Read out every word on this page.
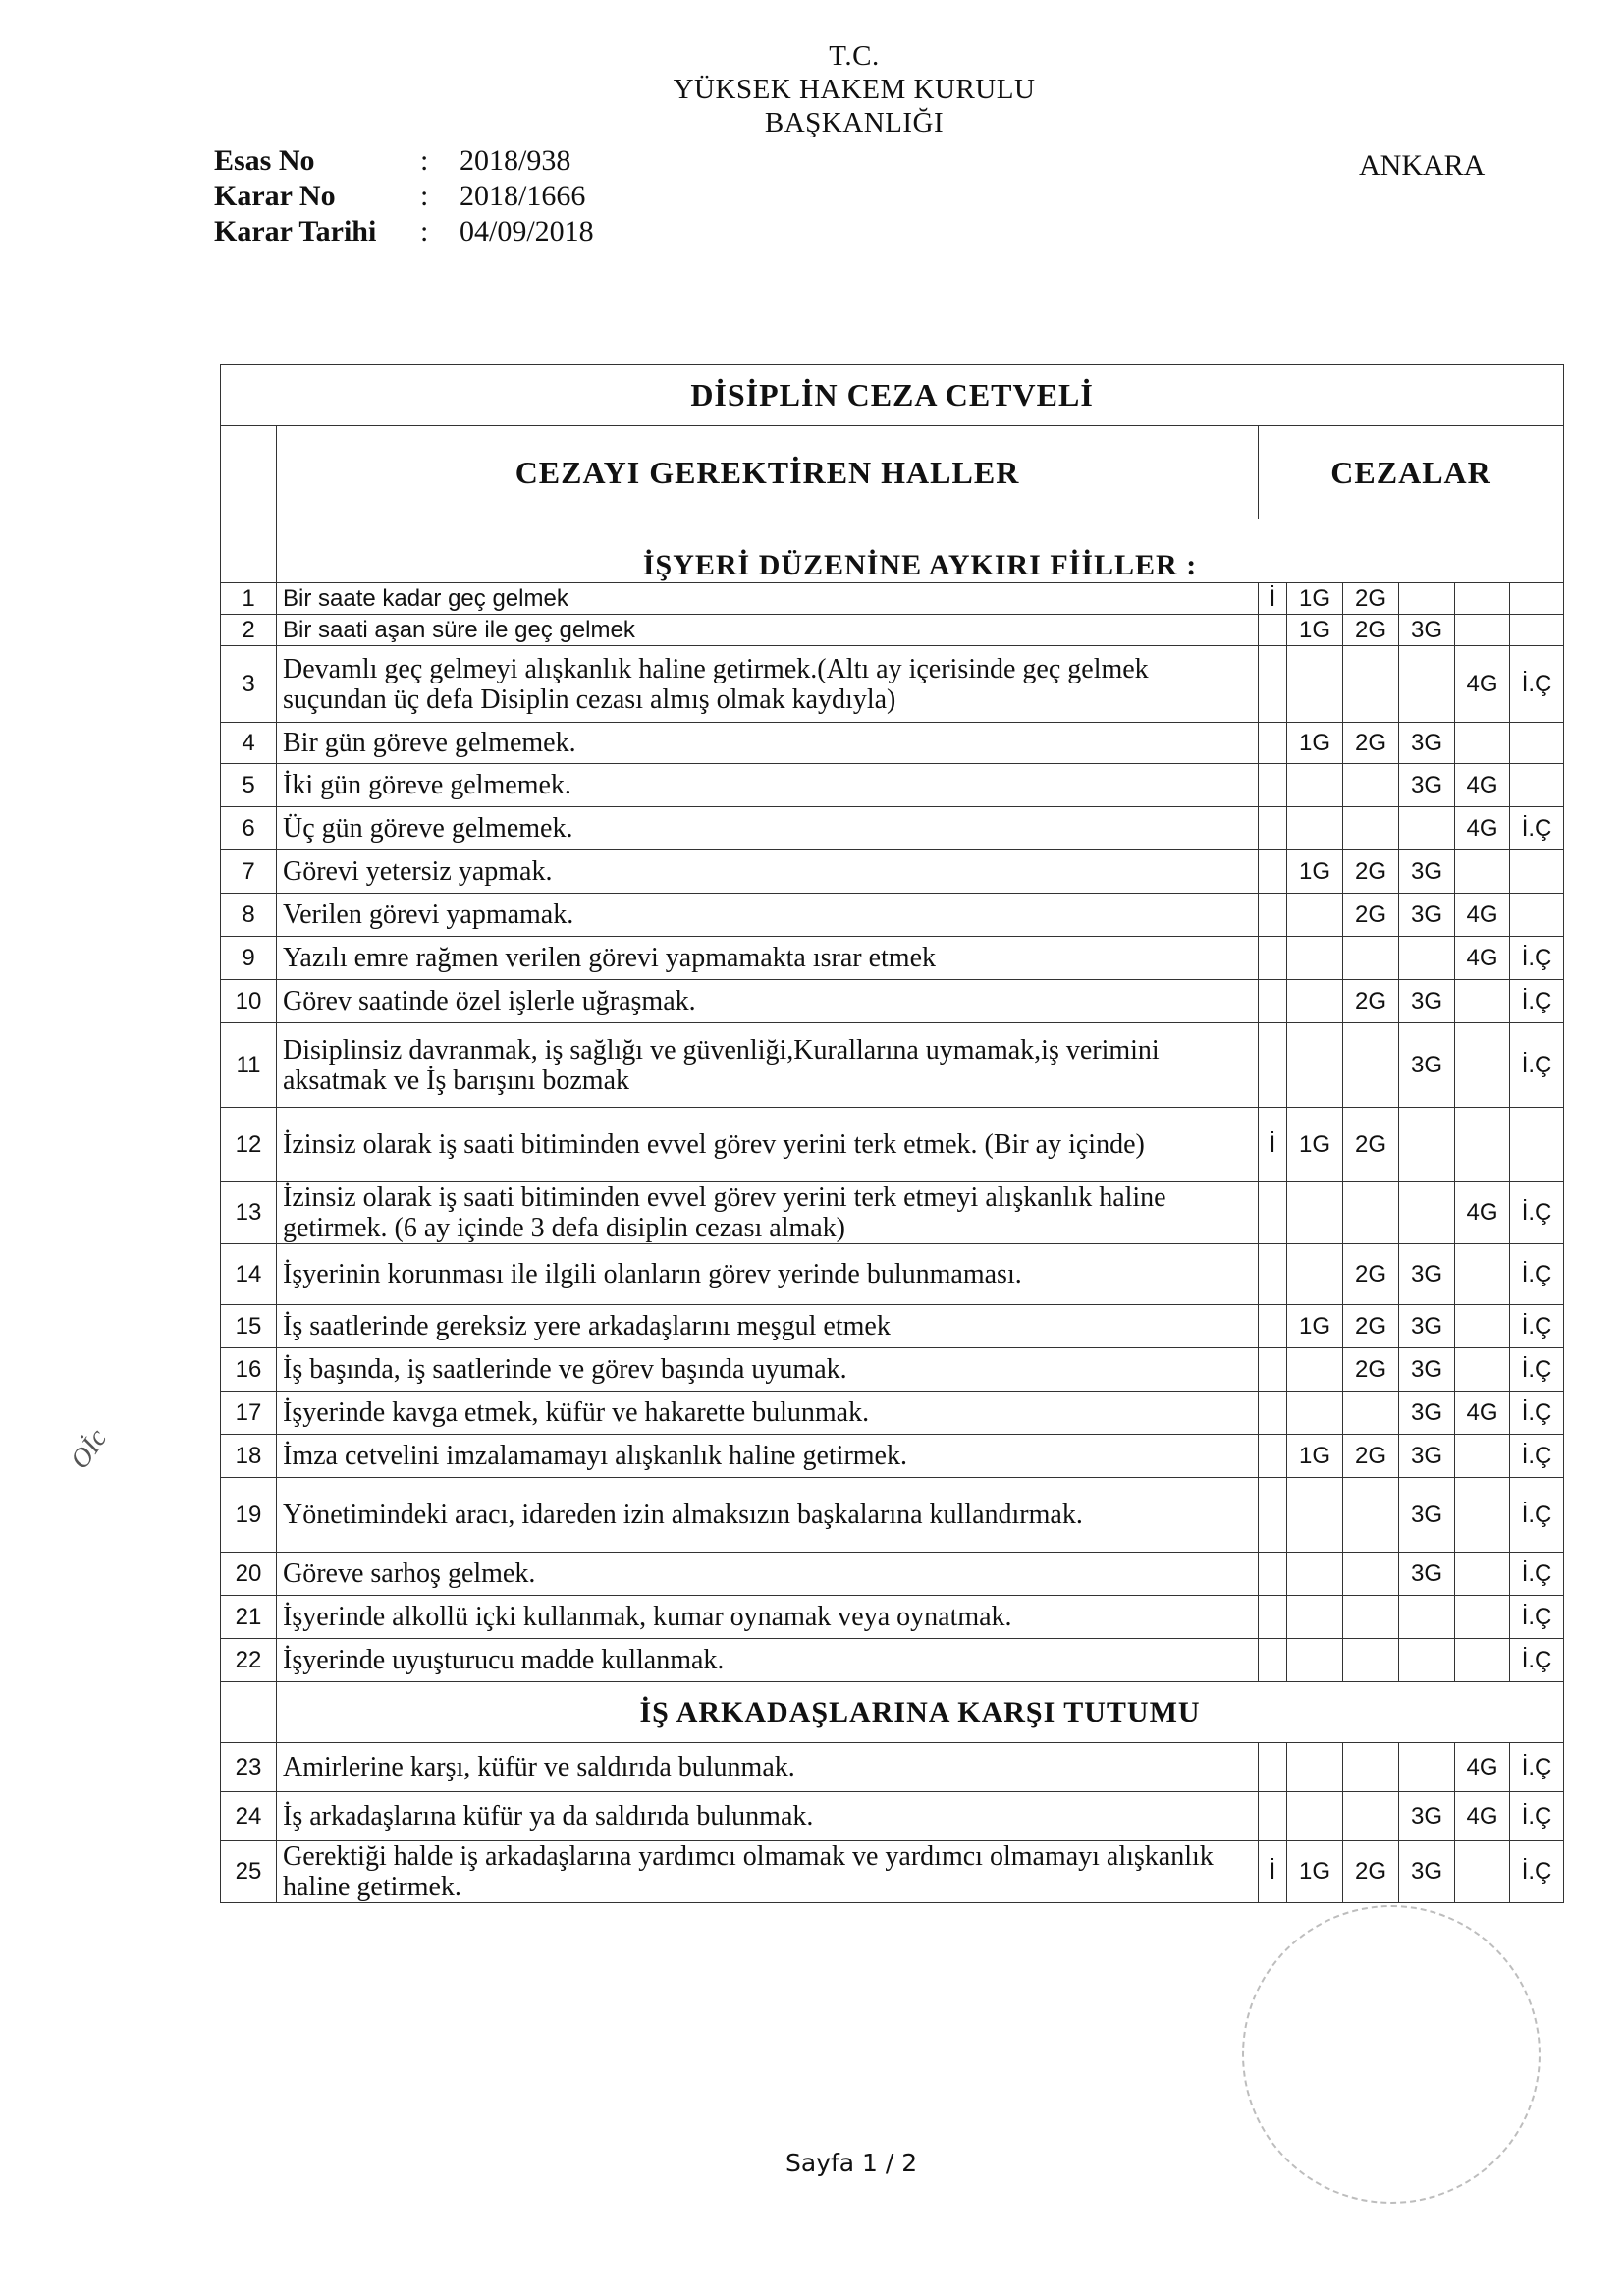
T.C.
YÜKSEK HAKEM KURULU
BAŞKANLIĞI
Esas No	:	2018/938
Karar No	:	2018/1666
Karar Tarihi	:	04/09/2018
ANKARA
DİSİPLİN CEZA CETVELİ							
	CEZAYI GEREKTİREN HALLER	CEZALAR					
	İŞYERİ DÜZENİNE AYKIRI FİİLLER :						
1	Bir saate kadar geç gelmek	İ	1G	2G			
2	Bir saati aşan süre ile geç gelmek		1G	2G	3G		
3	Devamlı geç gelmeyi alışkanlık haline getirmek.(Altı ay içerisinde geç gelmek suçundan üç defa Disiplin cezası almış olmak kaydıyla)					4G	İ.Ç
4	Bir gün göreve gelmemek.		1G	2G	3G		
5	İki gün göreve gelmemek.				3G	4G	
6	Üç gün göreve gelmemek.					4G	İ.Ç
7	Görevi yetersiz yapmak.		1G	2G	3G		
8	Verilen görevi yapmamak.			2G	3G	4G	
9	Yazılı emre rağmen verilen görevi yapmamakta ısrar etmek					4G	İ.Ç
10	Görev saatinde özel işlerle uğraşmak.			2G	3G		İ.Ç
11	Disiplinsiz davranmak, iş sağlığı ve güvenliği,Kurallarına uymamak,iş verimini aksatmak ve İş barışını bozmak				3G		İ.Ç
12	İzinsiz olarak iş saati bitiminden evvel görev yerini terk etmek. (Bir ay içinde)	İ	1G	2G			
13	İzinsiz olarak iş saati bitiminden evvel görev yerini terk etmeyi alışkanlık haline getirmek. (6 ay içinde 3 defa disiplin cezası almak)					4G	İ.Ç
14	İşyerinin korunması ile ilgili olanların görev yerinde bulunmaması.			2G	3G		İ.Ç
15	İş saatlerinde gereksiz yere arkadaşlarını meşgul etmek		1G	2G	3G		İ.Ç
16	İş başında, iş saatlerinde ve görev başında uyumak.			2G	3G		İ.Ç
17	İşyerinde kavga etmek, küfür ve hakarette bulunmak.				3G	4G	İ.Ç
18	İmza cetvelini imzalamamayı alışkanlık haline getirmek.		1G	2G	3G		İ.Ç
19	Yönetimindeki aracı, idareden izin almaksızın başkalarına kullandırmak.				3G		İ.Ç
20	Göreve sarhoş gelmek.				3G		İ.Ç
21	İşyerinde alkollü içki kullanmak, kumar oynamak veya oynatmak.						İ.Ç
22	İşyerinde uyuşturucu madde kullanmak.						İ.Ç
	İŞ ARKADAŞLARINA KARŞI TUTUMU						
23	Amirlerine karşı, küfür ve saldırıda bulunmak.					4G	İ.Ç
24	İş arkadaşlarına küfür ya da saldırıda bulunmak.				3G	4G	İ.Ç
25	Gerektiği halde iş arkadaşlarına yardımcı olmamak ve yardımcı olmamayı alışkanlık haline getirmek.	İ	1G	2G	3G		İ.Ç
Oİc
Sayfa 1 / 2
